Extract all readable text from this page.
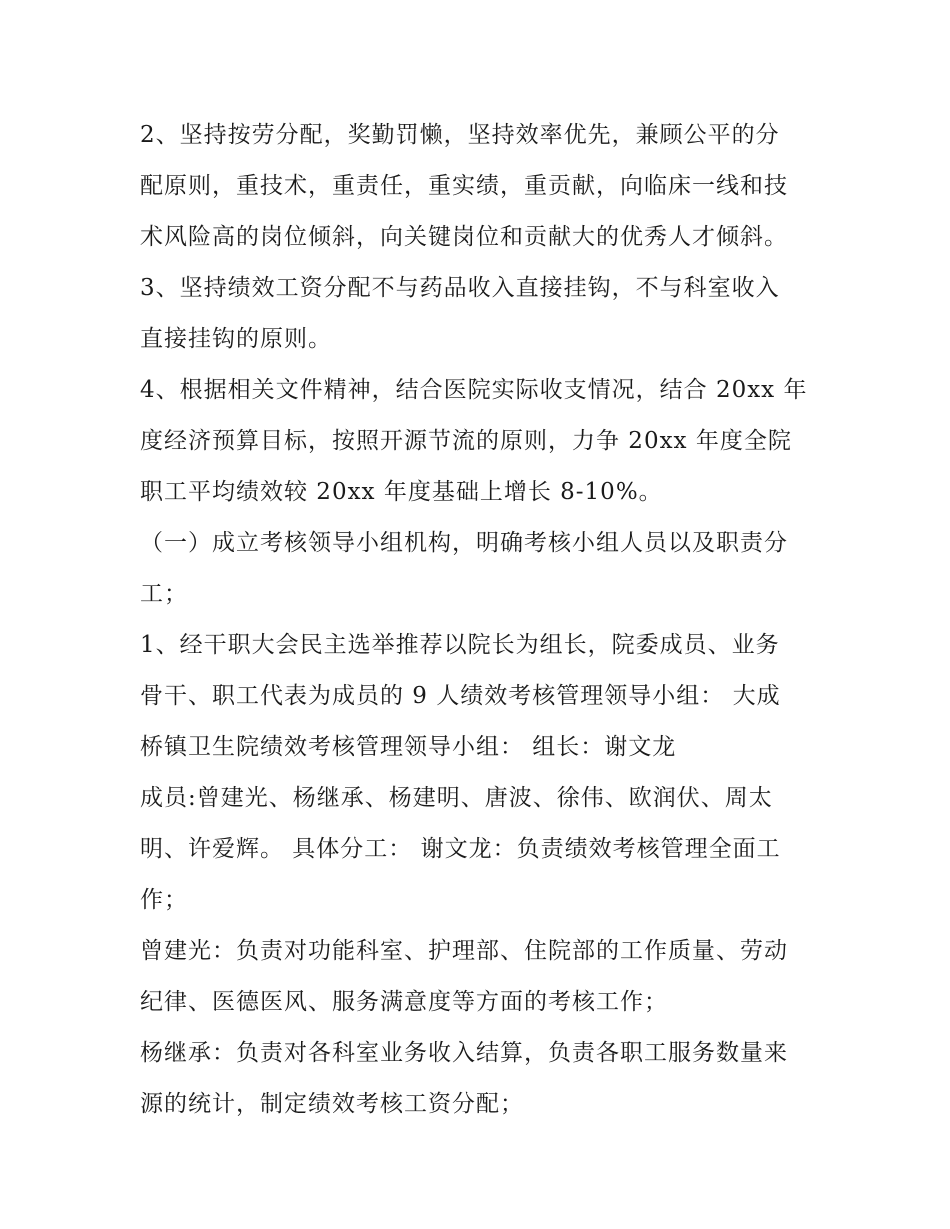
2、坚持按劳分配，奖勤罚懒，坚持效率优先，兼顾公平的分
配原则，重技术，重责任，重实绩，重贡献，向临床一线和技
术风险高的岗位倾斜，向关键岗位和贡献大的优秀人才倾斜。
3、坚持绩效工资分配不与药品收入直接挂钩，不与科室收入
直接挂钩的原则。
4、根据相关文件精神，结合医院实际收支情况，结合 20xx 年
度经济预算目标，按照开源节流的原则，力争 20xx 年度全院
职工平均绩效较 20xx 年度基础上增长 8-10%。
（一）成立考核领导小组机构，明确考核小组人员以及职责分
工；
1、经干职大会民主选举推荐以院长为组长，院委成员、业务
骨干、职工代表为成员的 9 人绩效考核管理领导小组： 大成
桥镇卫生院绩效考核管理领导小组： 组长：谢文龙
成员:曾建光、杨继承、杨建明、唐波、徐伟、欧润伏、周太
明、许爱辉。 具体分工： 谢文龙：负责绩效考核管理全面工
作；
曾建光：负责对功能科室、护理部、住院部的工作质量、劳动
纪律、医德医风、服务满意度等方面的考核工作；
杨继承：负责对各科室业务收入结算，负责各职工服务数量来
源的统计，制定绩效考核工资分配；
